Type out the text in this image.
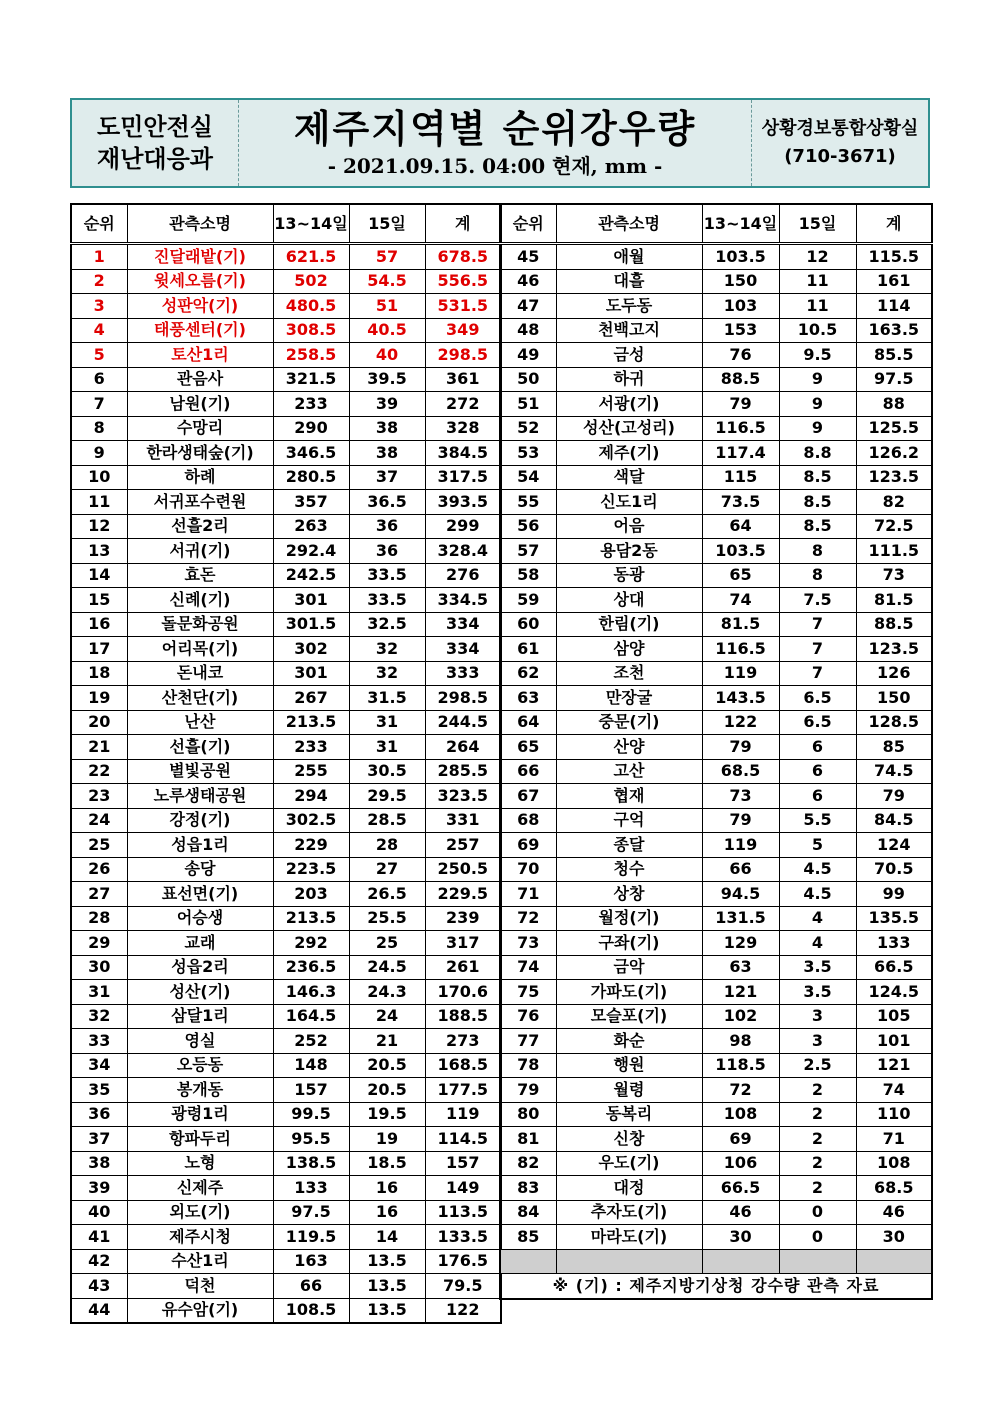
도민안전실
재난대응과
제주지역별 순위강우량
- 2021.09.15. 04:00 현재, mm -
상황경보통합상황실
(710-3671)
순위	관측소명	13~14일	15일	계
1	진달래밭(기)	621.5	57	678.5
2	윗세오름(기)	502	54.5	556.5
3	성판악(기)	480.5	51	531.5
4	태풍센터(기)	308.5	40.5	349
5	토산1리	258.5	40	298.5
6	관음사	321.5	39.5	361
7	남원(기)	233	39	272
8	수망리	290	38	328
9	한라생태숲(기)	346.5	38	384.5
10	하례	280.5	37	317.5
11	서귀포수련원	357	36.5	393.5
12	선흘2리	263	36	299
13	서귀(기)	292.4	36	328.4
14	효돈	242.5	33.5	276
15	신례(기)	301	33.5	334.5
16	돌문화공원	301.5	32.5	334
17	어리목(기)	302	32	334
18	돈내코	301	32	333
19	산천단(기)	267	31.5	298.5
20	난산	213.5	31	244.5
21	선흘(기)	233	31	264
22	별빛공원	255	30.5	285.5
23	노루생태공원	294	29.5	323.5
24	강정(기)	302.5	28.5	331
25	성읍1리	229	28	257
26	송당	223.5	27	250.5
27	표선면(기)	203	26.5	229.5
28	어승생	213.5	25.5	239
29	교래	292	25	317
30	성읍2리	236.5	24.5	261
31	성산(기)	146.3	24.3	170.6
32	삼달1리	164.5	24	188.5
33	영실	252	21	273
34	오등동	148	20.5	168.5
35	봉개동	157	20.5	177.5
36	광령1리	99.5	19.5	119
37	항파두리	95.5	19	114.5
38	노형	138.5	18.5	157
39	신제주	133	16	149
40	외도(기)	97.5	16	113.5
41	제주시청	119.5	14	133.5
42	수산1리	163	13.5	176.5
43	덕천	66	13.5	79.5
44	유수암(기)	108.5	13.5	122
순위	관측소명	13~14일	15일	계
45	애월	103.5	12	115.5
46	대흘	150	11	161
47	도두동	103	11	114
48	천백고지	153	10.5	163.5
49	금성	76	9.5	85.5
50	하귀	88.5	9	97.5
51	서광(기)	79	9	88
52	성산(고성리)	116.5	9	125.5
53	제주(기)	117.4	8.8	126.2
54	색달	115	8.5	123.5
55	신도1리	73.5	8.5	82
56	어음	64	8.5	72.5
57	용담2동	103.5	8	111.5
58	동광	65	8	73
59	상대	74	7.5	81.5
60	한림(기)	81.5	7	88.5
61	삼양	116.5	7	123.5
62	조천	119	7	126
63	만장굴	143.5	6.5	150
64	중문(기)	122	6.5	128.5
65	산양	79	6	85
66	고산	68.5	6	74.5
67	협재	73	6	79
68	구억	79	5.5	84.5
69	종달	119	5	124
70	청수	66	4.5	70.5
71	상창	94.5	4.5	99
72	월정(기)	131.5	4	135.5
73	구좌(기)	129	4	133
74	금악	63	3.5	66.5
75	가파도(기)	121	3.5	124.5
76	모슬포(기)	102	3	105
77	화순	98	3	101
78	행원	118.5	2.5	121
79	월령	72	2	74
80	동복리	108	2	110
81	신창	69	2	71
82	우도(기)	106	2	108
83	대정	66.5	2	68.5
84	추자도(기)	46	0	46
85	마라도(기)	30	0	30

※ (기) : 제주지방기상청 강수량 관측 자료				
